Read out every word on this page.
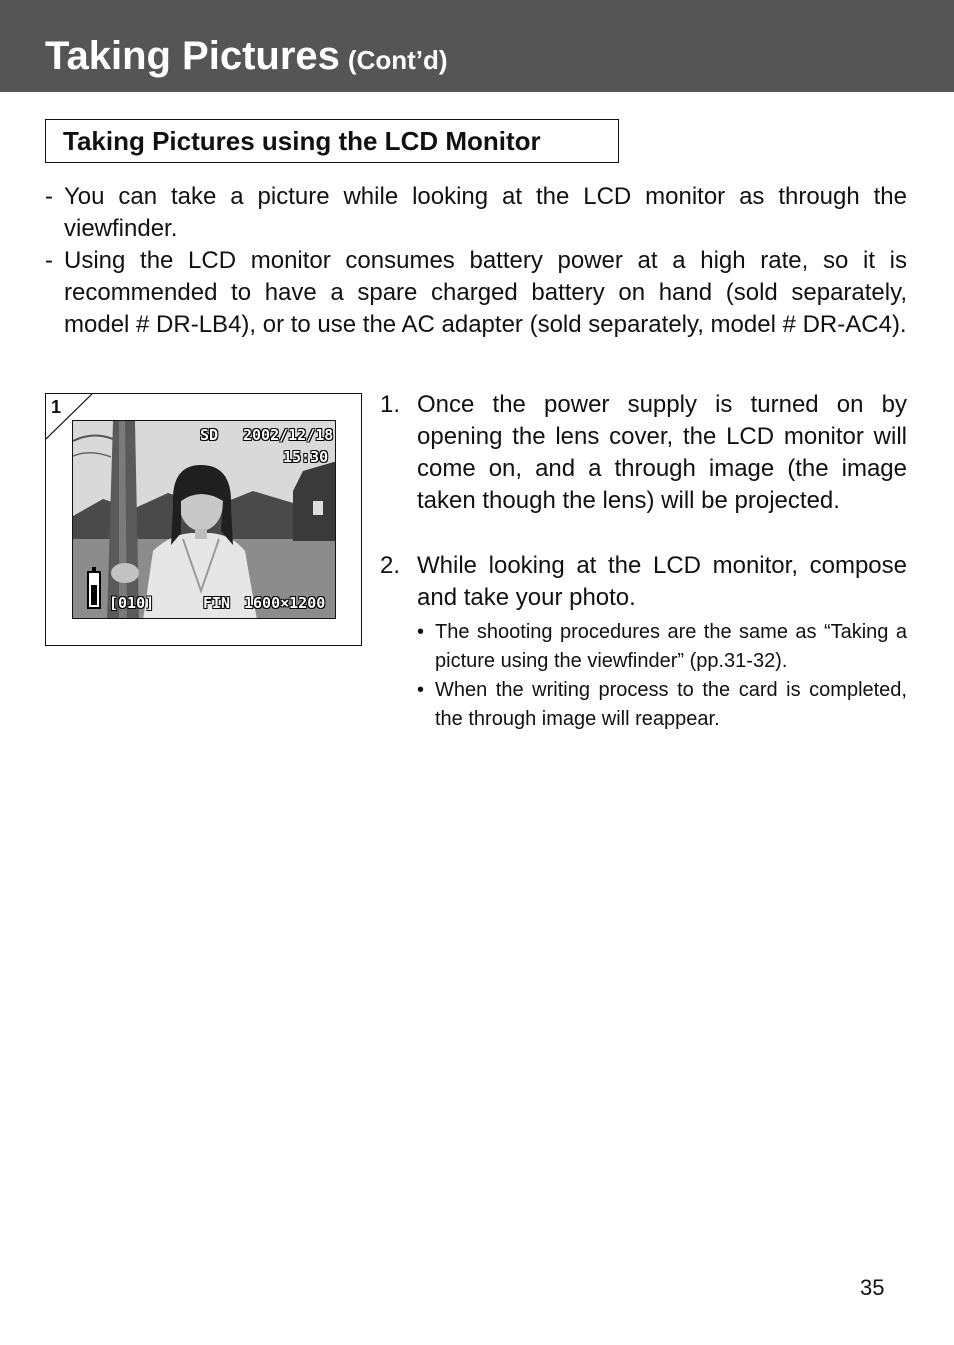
Taking Pictures (Cont’d)
Taking Pictures using the LCD Monitor
- You can take a picture while looking at the LCD monitor as through the viewfinder.
- Using the LCD monitor consumes battery power at a high rate, so it is recommended to have a spare charged battery on hand (sold separately, model # DR-LB4), or to use the AC adapter (sold separately, model # DR-AC4).
1
SD 2002/12/18
15:30
[010]	FIN 1600×1200
1. Once the power supply is turned on by opening the lens cover, the LCD monitor will come on, and a through image (the image taken though the lens) will be projected.
2. While looking at the LCD monitor, compose and take your photo.
• The shooting procedures are the same as “Taking a picture using the viewfinder” (pp.31-32).
• When the writing process to the card is completed, the through image will reappear.
35
